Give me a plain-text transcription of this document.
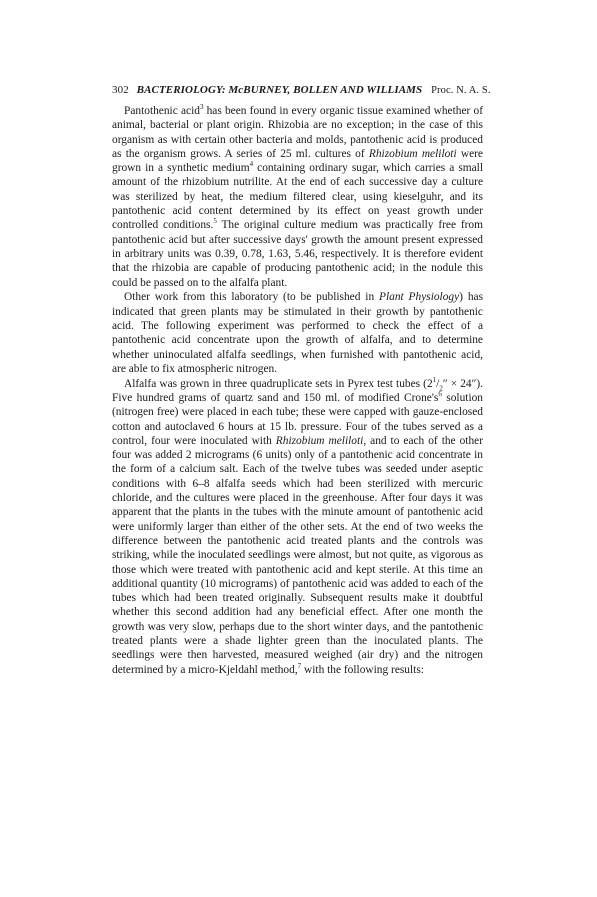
302 BACTERIOLOGY: McBURNEY, BOLLEN AND WILLIAMS Proc. N. A. S.

Pantothenic acid$^3$ has been found in every organic tissue examined whether of animal, bacterial or plant origin. Rhizobia are no exception; in the case of this organism as with certain other bacteria and molds, pantothenic acid is produced as the organism grows. A series of 25 ml. cultures of Rhizobium meliloti were grown in a synthetic medium$^4$ containing ordinary sugar, which carries a small amount of the rhizobium nutrilite. At the end of each successive day a culture was sterilized by heat, the medium filtered clear, using kieselguhr, and its pantothenic acid content determined by its effect on yeast growth under controlled conditions.$^5$ The original culture medium was practically free from pantothenic acid but after successive days' growth the amount present expressed in arbitrary units was 0.39, 0.78, 1.63, 5.46, respectively. It is therefore evident that the rhizobia are capable of producing pantothenic acid; in the nodule this could be passed on to the alfalfa plant.

Other work from this laboratory (to be published in Plant Physiology) has indicated that green plants may be stimulated in their growth by pantothenic acid. The following experiment was performed to check the effect of a pantothenic acid concentrate upon the growth of alfalfa, and to determine whether uninoculated alfalfa seedlings, when furnished with pantothenic acid, are able to fix atmospheric nitrogen.

Alfalfa was grown in three quadruplicate sets in Pyrex test tubes $(2^1/_2'' \times 24'')$. Five hundred grams of quartz sand and 150 ml. of modified $Crone's^6$ solution (nitrogen free) were placed in each tube; these were capped with gauze-enclosed cotton and autoclaved 6 hours at 15 lb. pressure. Four of the tubes served as a control, four were inoculated with Rhizobium meliloti, and to each of the other four was added 2 micrograms (6 units) only of a pantothenic acid concentrate in the form of a calcium salt. Each of the twelve tubes was seeded under aseptic conditions with 6–8 alfalfa seeds which had been sterilized with mercuric chloride, and the cultures were placed in the greenhouse. After four days it was apparent that the plants in the tubes with the minute amount of pantothenic acid were uniformly larger than either of the other sets. At the end of two weeks the difference between the pantothenic acid treated plants and the controls was striking, while the inoculated seedlings were almost, but not quite, as vigorous as those which were treated with pantothenic acid and kept sterile. At this time an additional quantity (10 micrograms) of pantothenic acid was added to each of the tubes which had been treated originally. Subsequent results make it doubtful whether this second addition had any beneficial effect. After one month the growth was very slow, perhaps due to the short winter days, and the pantothenic treated plants were a shade lighter green than the inoculated plants. The seedlings were then harvested, measured weighed (air dry) and the nitrogen determined by a micro-Kjeldahl method,$^7$ with the following results:
